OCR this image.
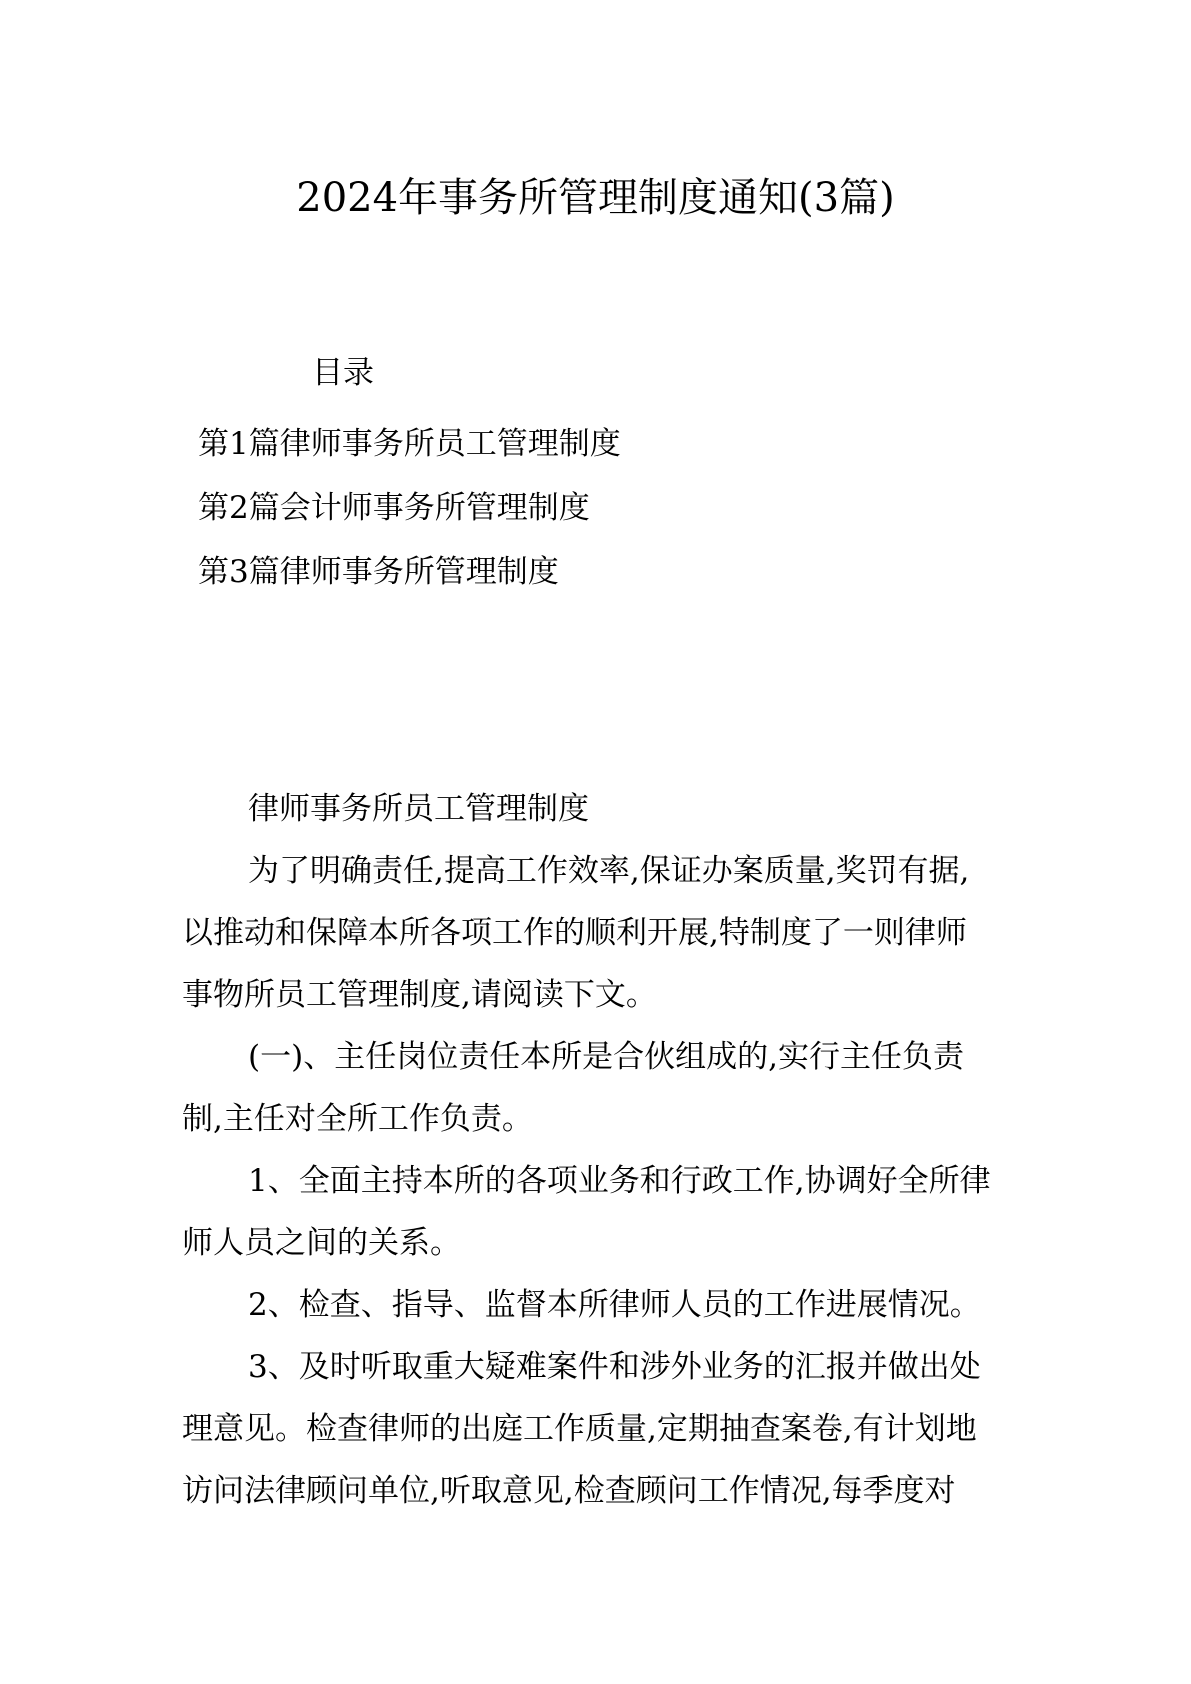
2024年事务所管理制度通知(3篇)
目录
第1篇律师事务所员工管理制度
第2篇会计师事务所管理制度
第3篇律师事务所管理制度
律师事务所员工管理制度
为了明确责任,提高工作效率,保证办案质量,奖罚有据,
以推动和保障本所各项工作的顺利开展,特制度了一则律师
事物所员工管理制度,请阅读下文。
(一)、主任岗位责任本所是合伙组成的,实行主任负责
制,主任对全所工作负责。
1、全面主持本所的各项业务和行政工作,协调好全所律
师人员之间的关系。
2、检查、指导、监督本所律师人员的工作进展情况。
3、及时听取重大疑难案件和涉外业务的汇报并做出处
理意见。检查律师的出庭工作质量,定期抽查案卷,有计划地
访问法律顾问单位,听取意见,检查顾问工作情况,每季度对
